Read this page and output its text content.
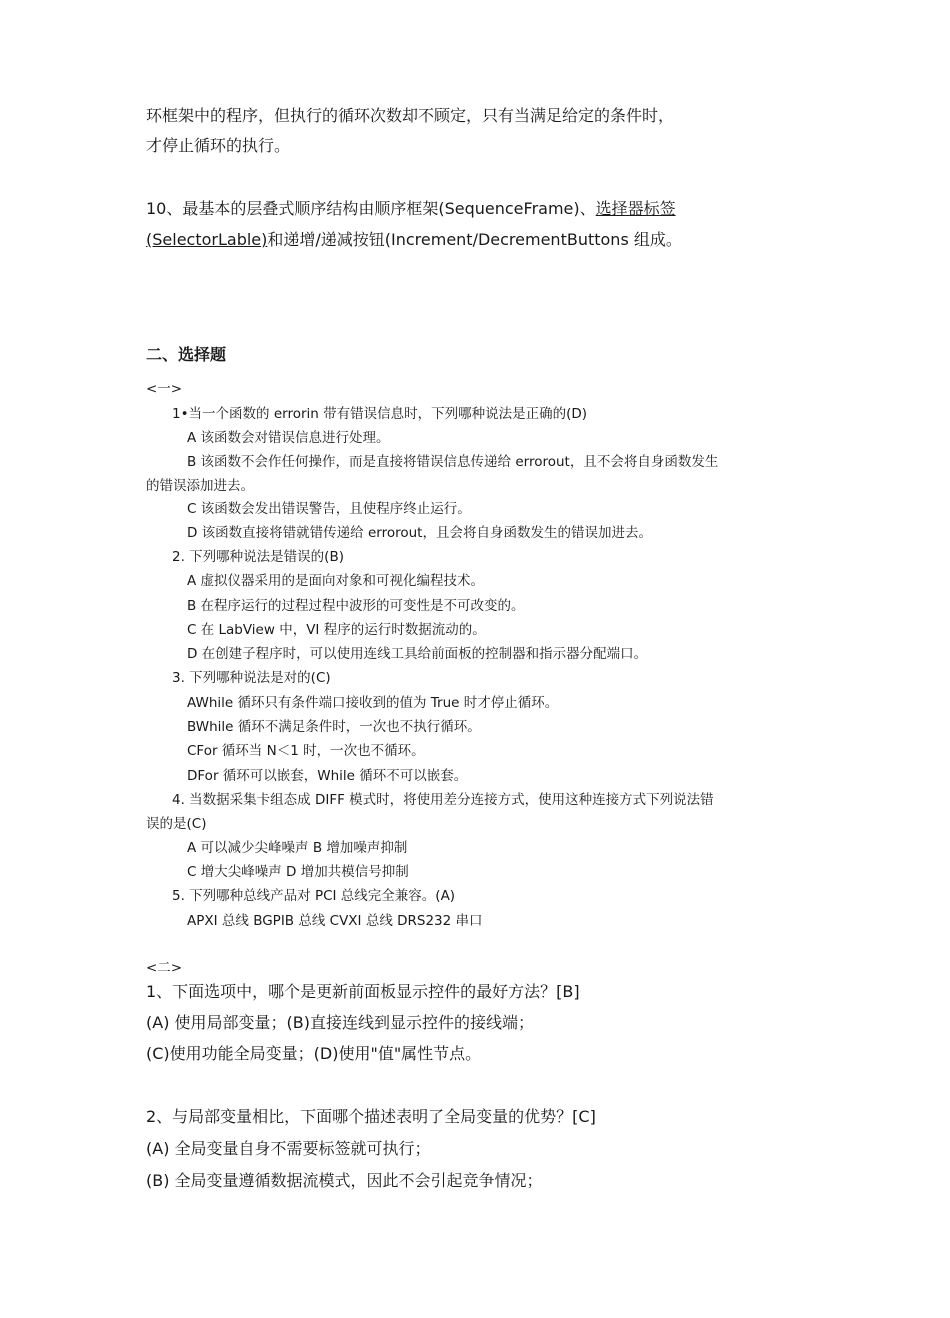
环框架中的程序，但执行的循环次数却不顾定，只有当满足给定的条件时，
才停止循环的执行。
10、最基本的层叠式顺序结构由顺序框架(SequenceFrame)、选择器标签
(SelectorLable)和递增/递减按钮(Increment/DecrementButtons 组成。
二、选择题
<一>
1•当一个函数的 errorin 带有错误信息时，下列哪种说法是正确的(D)
A 该函数会对错误信息进行处理。
B 该函数不会作任何操作，而是直接将错误信息传递给 errorout，且不会将自身函数发生
的错误添加进去。
C 该函数会发出错误警告，且使程序终止运行。
D 该函数直接将错就错传递给 errorout，且会将自身函数发生的错误加进去。
2. 下列哪种说法是错误的(B)
A 虚拟仪器采用的是面向对象和可视化编程技术。
B 在程序运行的过程过程中波形的可变性是不可改变的。
C 在 LabView 中，VI 程序的运行时数据流动的。
D 在创建子程序时，可以使用连线工具给前面板的控制器和指示器分配端口。
3. 下列哪种说法是对的(C)
AWhile 循环只有条件端口接收到的值为 True 时才停止循环。
BWhile 循环不满足条件时，一次也不执行循环。
CFor 循环当 N＜1 时，一次也不循环。
DFor 循环可以嵌套，While 循环不可以嵌套。
4. 当数据采集卡组态成 DIFF 模式时，将使用差分连接方式，使用这种连接方式下列说法错
误的是(C)
A 可以减少尖峰噪声 B 增加噪声抑制
C 增大尖峰噪声 D 增加共模信号抑制
5. 下列哪种总线产品对 PCI 总线完全兼容。(A)
APXI 总线 BGPIB 总线 CVXI 总线 DRS232 串口
<二>
1、下面选项中，哪个是更新前面板显示控件的最好方法？[B]
(A) 使用局部变量；(B)直接连线到显示控件的接线端；
(C)使用功能全局变量；(D)使用"值"属性节点。
2、与局部变量相比，下面哪个描述表明了全局变量的优势？[C]
(A) 全局变量自身不需要标签就可执行；
(B) 全局变量遵循数据流模式，因此不会引起竞争情况；
